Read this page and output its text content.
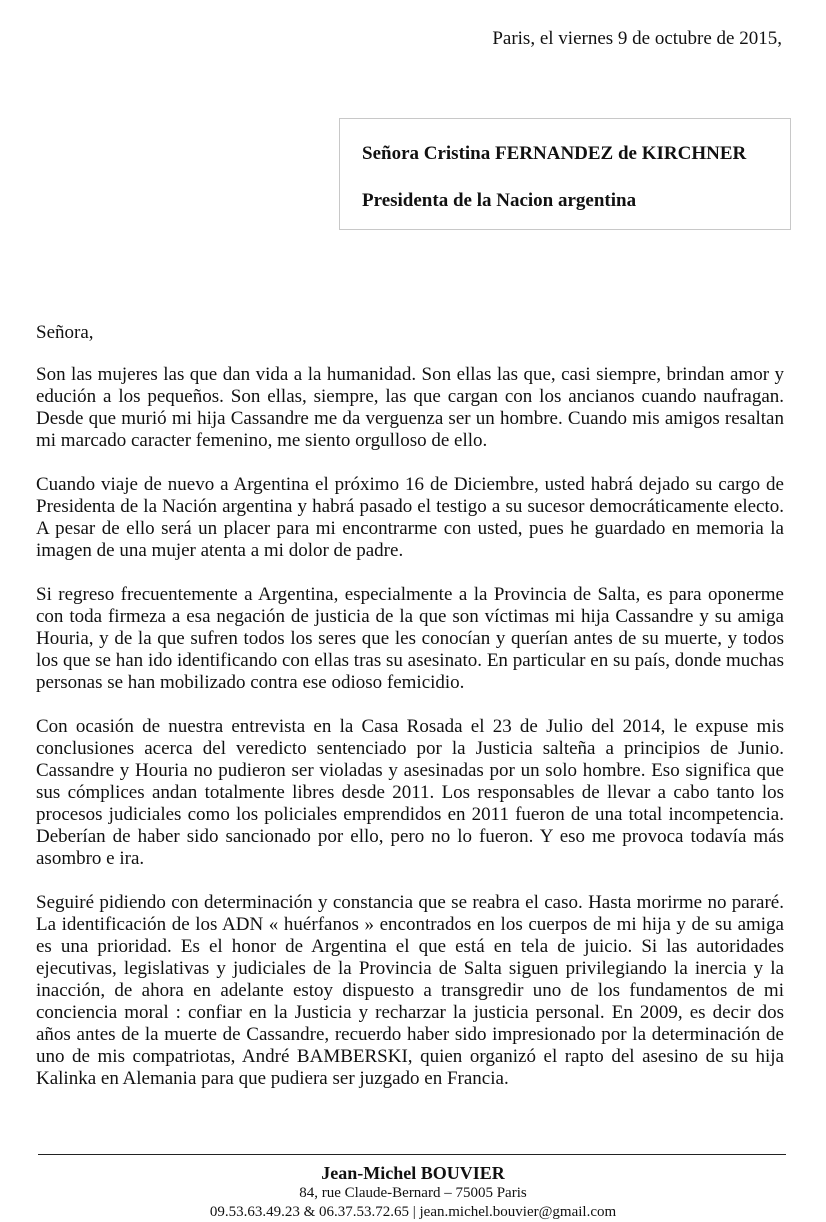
Paris, el viernes 9 de octubre de 2015,
Señora Cristina FERNANDEZ de KIRCHNER
Presidenta de la Nacion argentina

Señora,

Son las mujeres las que dan vida a la humanidad. Son ellas las que, casi siempre, brindan amor y edución a los pequeños. Son ellas, siempre, las que cargan con los ancianos cuando naufragan. Desde que murió mi hija Cassandre me da verguenza ser un hombre. Cuando mis amigos resaltan mi marcado caracter femenino, me siento orgulloso de ello.

Cuando viaje de nuevo a Argentina el próximo 16 de Diciembre, usted habrá dejado su cargo de Presidenta de la Nación argentina y habrá pasado el testigo a su sucesor democráticamente electo. A pesar de ello será un placer para mi encontrarme con usted, pues he guardado en memoria la imagen de una mujer atenta a mi dolor de padre.

Si regreso frecuentemente a Argentina, especialmente a la Provincia de Salta, es para oponerme con toda firmeza a esa negación de justicia de la que son víctimas mi hija Cassandre y su amiga Houria, y de la que sufren todos los seres que les conocían y querían antes de su muerte, y todos los que se han ido identificando con ellas tras su asesinato. En particular en su país, donde muchas personas se han mobilizado contra ese odioso femicidio.

Con ocasión de nuestra entrevista en la Casa Rosada el 23 de Julio del 2014, le expuse mis conclusiones acerca del veredicto sentenciado por la Justicia salteña a principios de Junio. Cassandre y Houria no pudieron ser violadas y asesinadas por un solo hombre. Eso significa que sus cómplices andan totalmente libres desde 2011. Los responsables de llevar a cabo tanto los procesos judiciales como los policiales emprendidos en 2011 fueron de una total incompetencia. Deberían de haber sido sancionado por ello, pero no lo fueron. Y eso me provoca todavía más asombro e ira.

Seguiré pidiendo con determinación y constancia que se reabra el caso. Hasta morirme no pararé. La identificación de los ADN « huérfanos » encontrados en los cuerpos de mi hija y de su amiga es una prioridad. Es el honor de Argentina el que está en tela de juicio. Si las autoridades ejecutivas, legislativas y judiciales de la Provincia de Salta siguen privilegiando la inercia y la inacción, de ahora en adelante estoy dispuesto a transgredir uno de los fundamentos de mi conciencia moral : confiar en la Justicia y recharzar la justicia personal. En 2009, es decir dos años antes de la muerte de Cassandre, recuerdo haber sido impresionado por la determinación de uno de mis compatriotas, André BAMBERSKI, quien organizó el rapto del asesino de su hija Kalinka en Alemania para que pudiera ser juzgado en Francia.

Jean-Michel BOUVIER
84, rue Claude-Bernard – 75005 Paris
09.53.63.49.23 & 06.37.53.72.65 | jean.michel.bouvier@gmail.com
